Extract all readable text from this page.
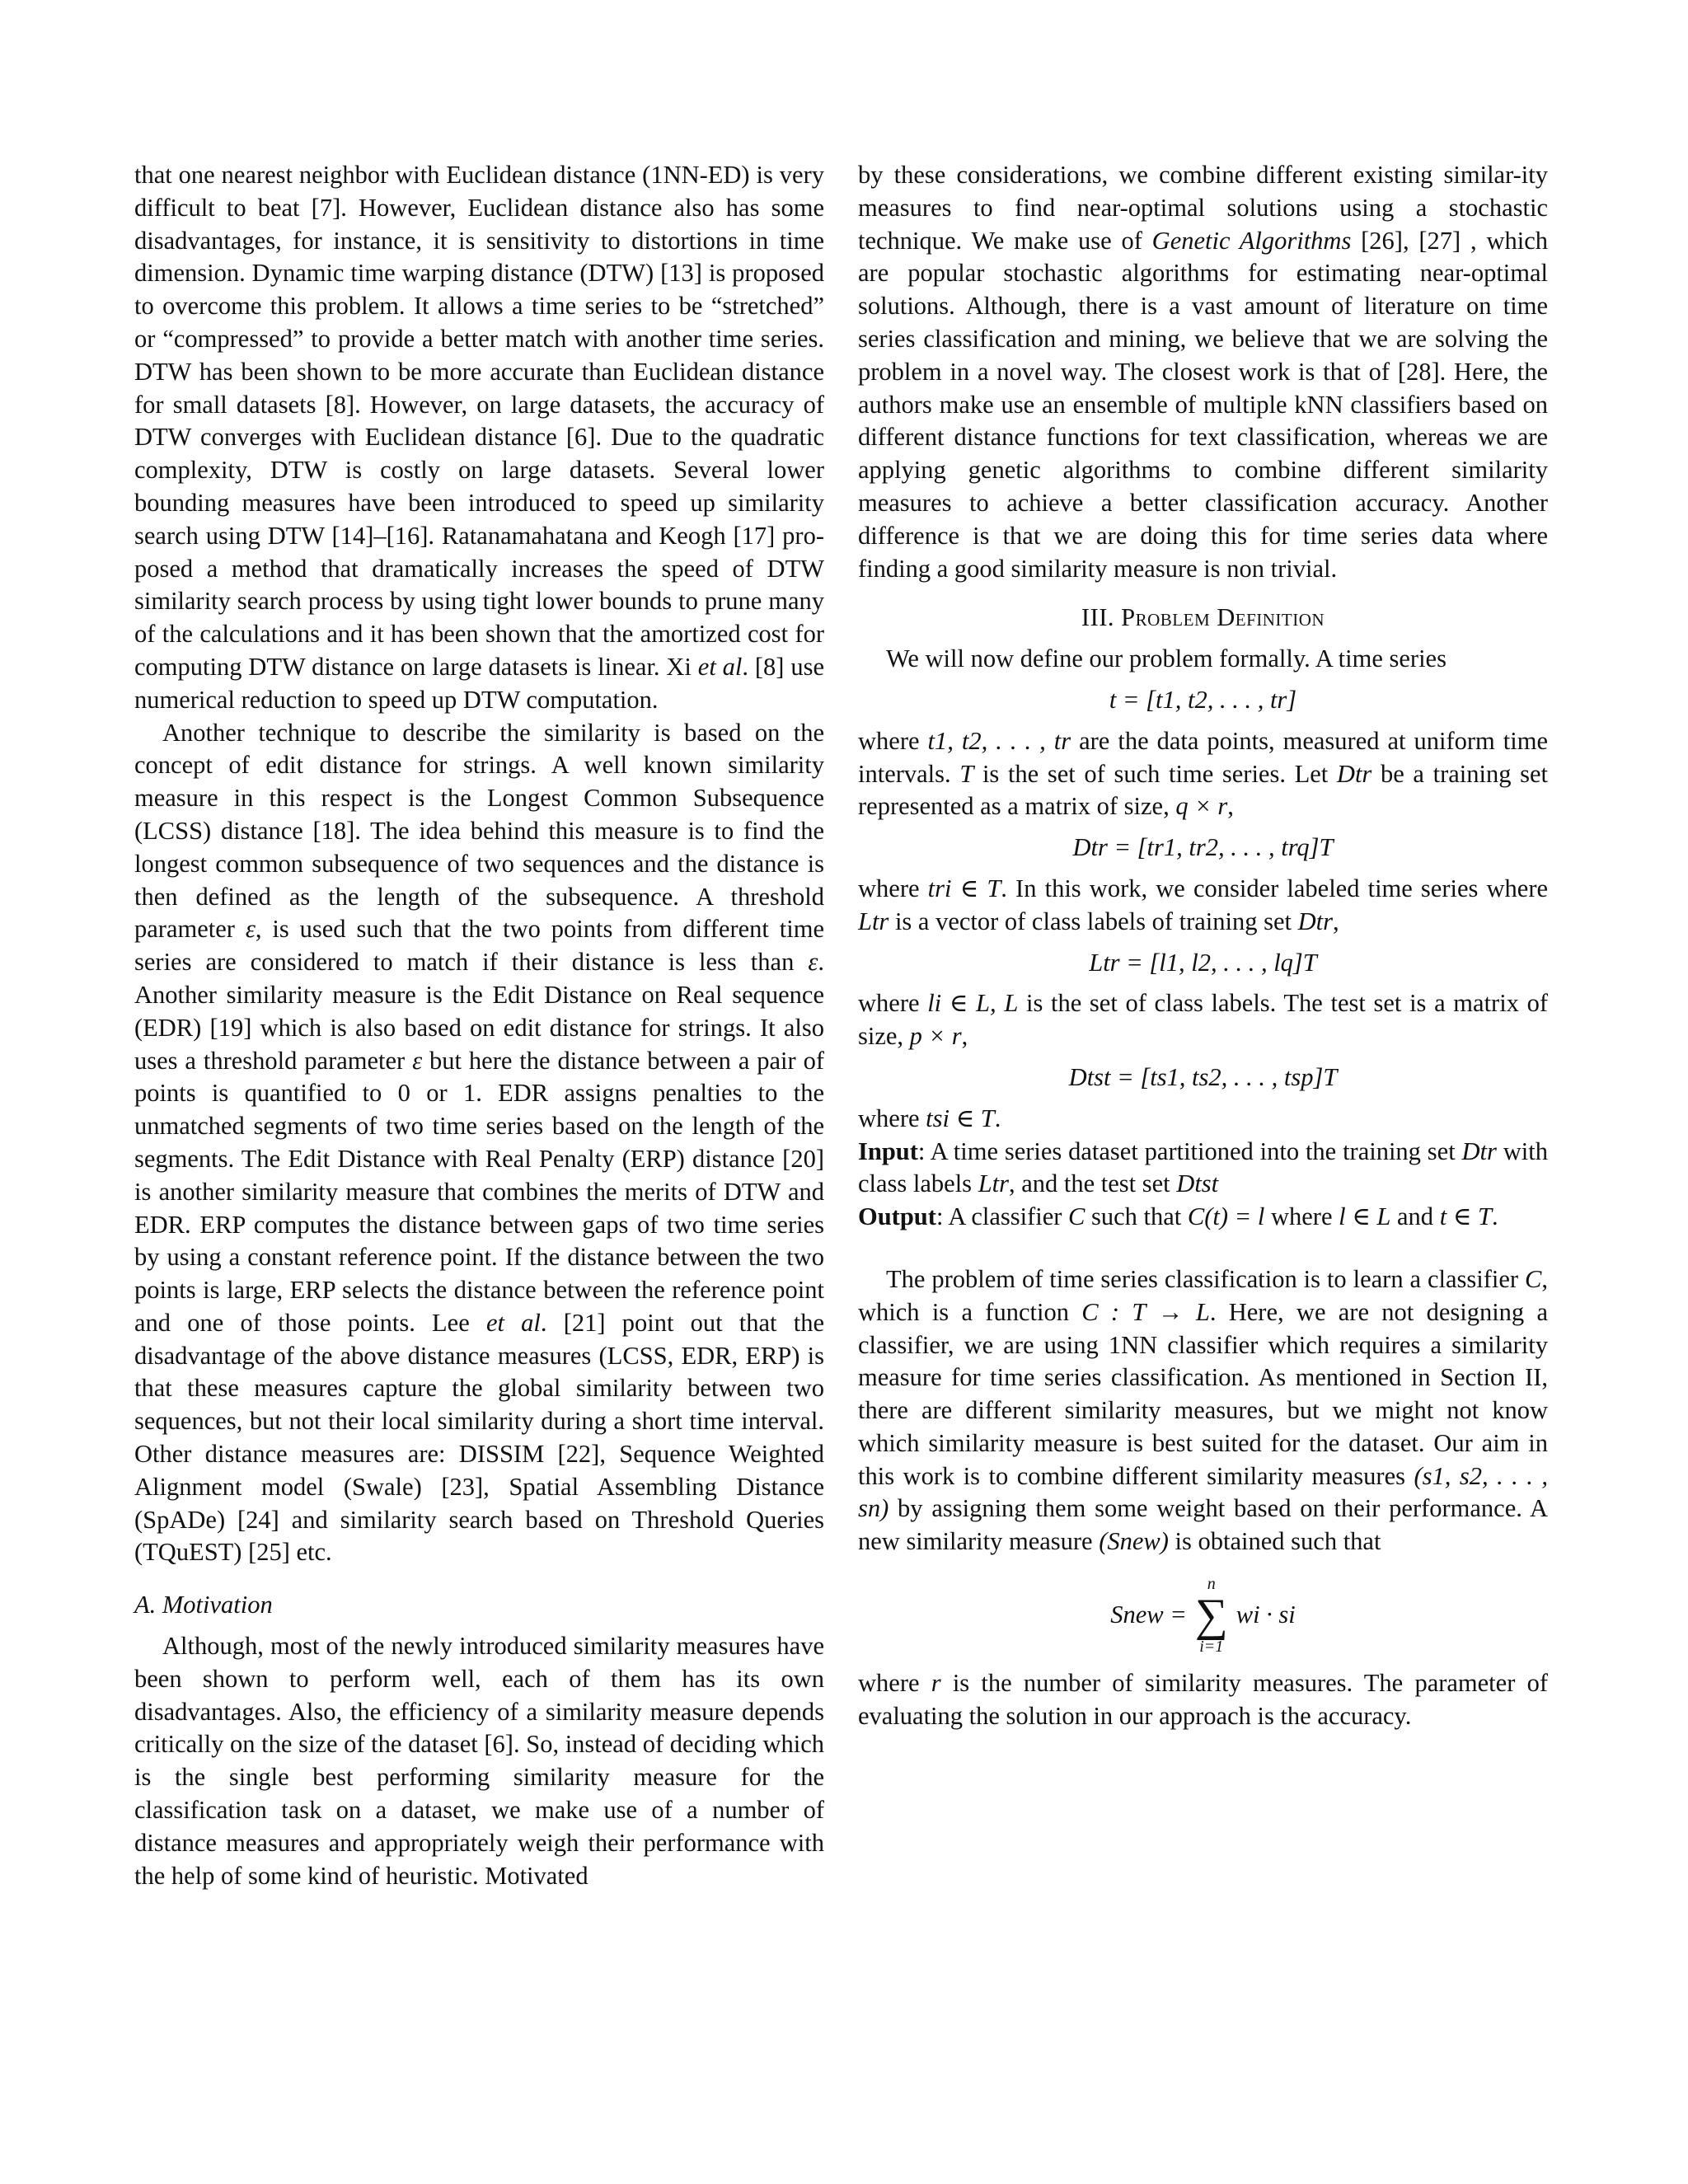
that one nearest neighbor with Euclidean distance (1NN-ED) is very difficult to beat [7]. However, Euclidean distance also has some disadvantages, for instance, it is sensitivity to distortions in time dimension. Dynamic time warping distance (DTW) [13] is proposed to overcome this problem. It allows a time series to be “stretched” or “compressed” to provide a better match with another time series. DTW has been shown to be more accurate than Euclidean distance for small datasets [8]. However, on large datasets, the accuracy of DTW converges with Euclidean distance [6]. Due to the quadratic complexity, DTW is costly on large datasets. Several lower bounding measures have been introduced to speed up similarity search using DTW [14]–[16]. Ratanamahatana and Keogh [17] pro-posed a method that dramatically increases the speed of DTW similarity search process by using tight lower bounds to prune many of the calculations and it has been shown that the amortized cost for computing DTW distance on large datasets is linear. Xi et al. [8] use numerical reduction to speed up DTW computation.

Another technique to describe the similarity is based on the concept of edit distance for strings. A well known similarity measure in this respect is the Longest Common Subsequence (LCSS) distance [18]. The idea behind this measure is to find the longest common subsequence of two sequences and the distance is then defined as the length of the subsequence. A threshold parameter ε, is used such that the two points from different time series are considered to match if their distance is less than ε. Another similarity measure is the Edit Distance on Real sequence (EDR) [19] which is also based on edit distance for strings. It also uses a threshold parameter ε but here the distance between a pair of points is quantified to 0 or 1. EDR assigns penalties to the unmatched segments of two time series based on the length of the segments. The Edit Distance with Real Penalty (ERP) distance [20] is another similarity measure that combines the merits of DTW and EDR. ERP computes the distance between gaps of two time series by using a constant reference point. If the distance between the two points is large, ERP selects the distance between the reference point and one of those points. Lee et al. [21] point out that the disadvantage of the above distance measures (LCSS, EDR, ERP) is that these measures capture the global similarity between two sequences, but not their local similarity during a short time interval. Other distance measures are: DISSIM [22], Sequence Weighted Alignment model (Swale) [23], Spatial Assembling Distance (SpADe) [24] and similarity search based on Threshold Queries (TQuEST) [25] etc.

A. Motivation

Although, most of the newly introduced similarity measures have been shown to perform well, each of them has its own disadvantages. Also, the efficiency of a similarity measure depends critically on the size of the dataset [6]. So, instead of deciding which is the single best performing similarity measure for the classification task on a dataset, we make use of a number of distance measures and appropriately weigh their performance with the help of some kind of heuristic. Motivated

by these considerations, we combine different existing similar-ity measures to find near-optimal solutions using a stochastic technique. We make use of Genetic Algorithms [26], [27] , which are popular stochastic algorithms for estimating near-optimal solutions. Although, there is a vast amount of literature on time series classification and mining, we believe that we are solving the problem in a novel way. The closest work is that of [28]. Here, the authors make use an ensemble of multiple kNN classifiers based on different distance functions for text classification, whereas we are applying genetic algorithms to combine different similarity measures to achieve a better classification accuracy. Another difference is that we are doing this for time series data where finding a good similarity measure is non trivial.

III. Problem Definition

We will now define our problem formally. A time series

t = [t1, t2, . . . , tr]

where t1, t2, . . . , tr are the data points, measured at uniform time intervals. T is the set of such time series. Let Dtr be a training set represented as a matrix of size, q × r,

Dtr = [tr1, tr2, . . . , trq]T

where tri ∈ T. In this work, we consider labeled time series where Ltr is a vector of class labels of training set Dtr,

Ltr = [l1, l2, . . . , lq]T

where li ∈ L, L is the set of class labels. The test set is a matrix of size, p × r,

Dtst = [ts1, ts2, . . . , tsp]T

where tsi ∈ T.

Input: A time series dataset partitioned into the training set Dtr with class labels Ltr, and the test set Dtst

Output: A classifier C such that C(t) = l where l ∈ L and t ∈ T.

The problem of time series classification is to learn a classifier C, which is a function C : T → L. Here, we are not designing a classifier, we are using 1NN classifier which requires a similarity measure for time series classification. As mentioned in Section II, there are different similarity measures, but we might not know which similarity measure is best suited for the dataset. Our aim in this work is to combine different similarity measures (s1, s2, . . . , sn) by assigning them some weight based on their performance. A new similarity measure (Snew) is obtained such that

Snew =
n
∑
i=1
wi · si

where r is the number of similarity measures. The parameter of evaluating the solution in our approach is the accuracy.
